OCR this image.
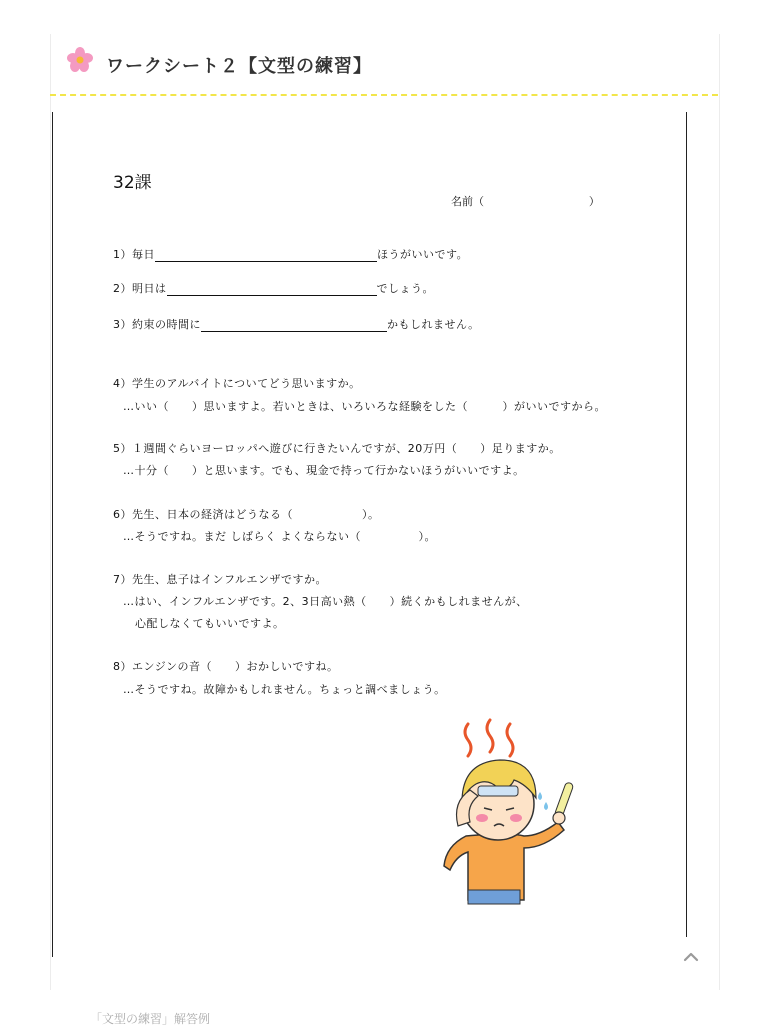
ワークシート２【文型の練習】
32課
名前（                              ）
1）毎日	ほうがいいです。
2）明日は	でしょう。
3）約束の時間に	かもしれません。
4）学生のアルバイトについてどう思いますか。
…いい（　　）思いますよ。若いときは、いろいろな経験をした（　　　）がいいですから。
5）１週間ぐらいヨーロッパへ遊びに行きたいんですが、20万円（　　）足りますか。
…十分（　　）と思います。でも、現金で持って行かないほうがいいですよ。
6）先生、日本の経済はどうなる（　　　　　　）。
…そうですね。まだ しばらく よくならない（　　　　　）。
7）先生、息子はインフルエンザですか。
…はい、インフルエンザです。2、3日高い熱（　　）続くかもしれませんが、
心配しなくてもいいですよ。
8）エンジンの音（　　）おかしいですね。
…そうですね。故障かもしれません。ちょっと調べましょう。
「文型の練習」解答例
